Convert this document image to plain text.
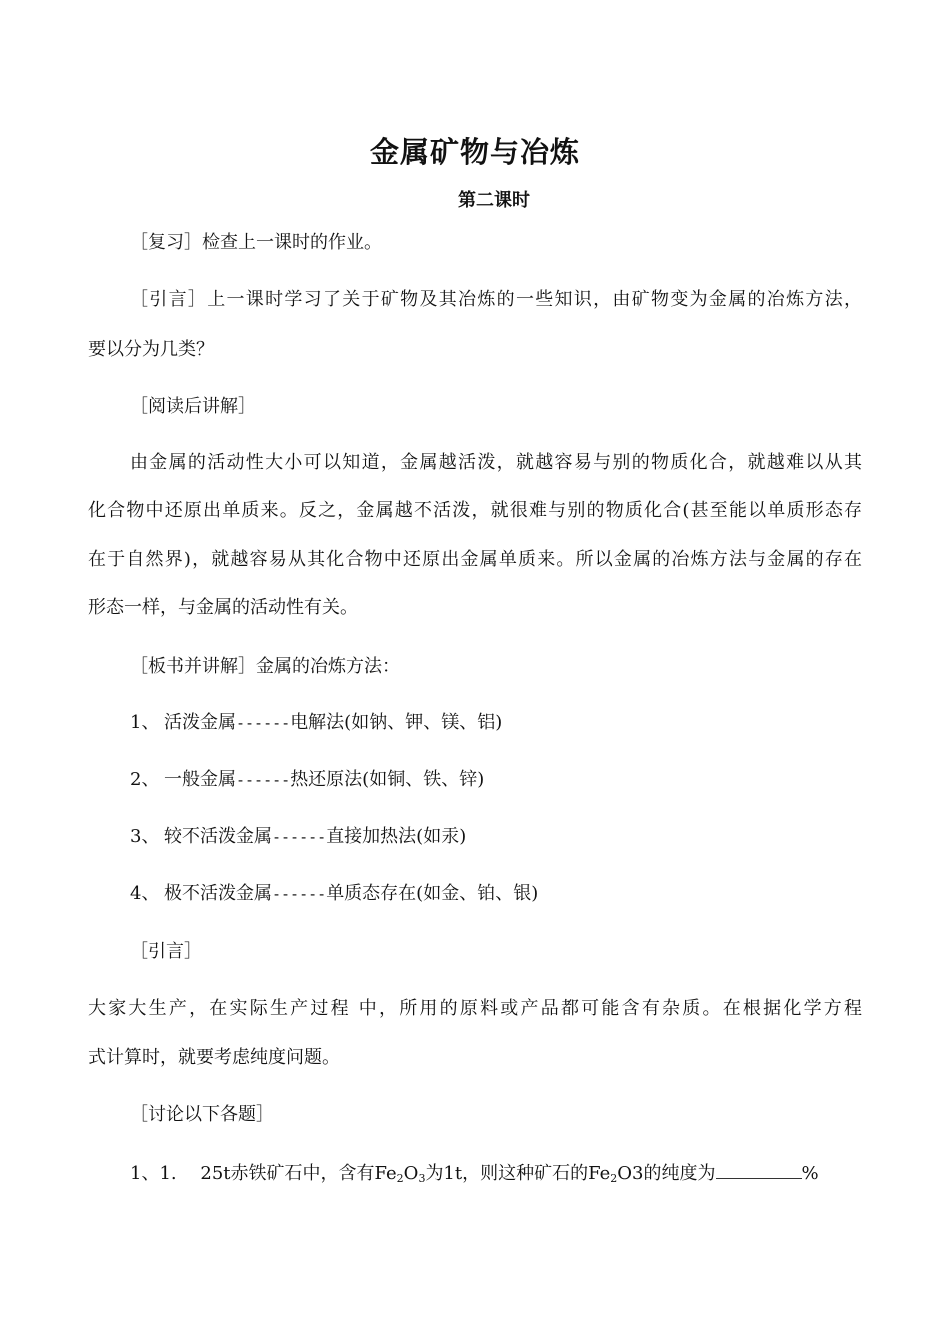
金属矿物与冶炼
第二课时
［复习］检查上一课时的作业。
［引言］上一课时学习了关于矿物及其冶炼的一些知识，由矿物变为金属的冶炼方法，
要以分为几类？
［阅读后讲解］
由金属的活动性大小可以知道，金属越活泼，就越容易与别的物质化合，就越难以从其
化合物中还原出单质来。反之，金属越不活泼，就很难与别的物质化合(甚至能以单质形态存
在于自然界)，就越容易从其化合物中还原出金属单质来。所以金属的冶炼方法与金属的存在
形态一样，与金属的活动性有关。
［板书并讲解］金属的冶炼方法：
1、 活泼金属------电解法(如钠、钾、镁、铝)
2、 一般金属------热还原法(如铜、铁、锌)
3、 较不活泼金属------直接加热法(如汞)
4、 极不活泼金属------单质态存在(如金、铂、银)
［引言］
大家大生产，在实际生产过程 中，所用的原料或产品都可能含有杂质。在根据化学方程
式计算时，就要考虑纯度问题。
［讨论以下各题］
1、1. 25t赤铁矿石中，含有$Fe_2O_3$为1t，则这种矿石的$Fe_2O3$的纯度为	%
